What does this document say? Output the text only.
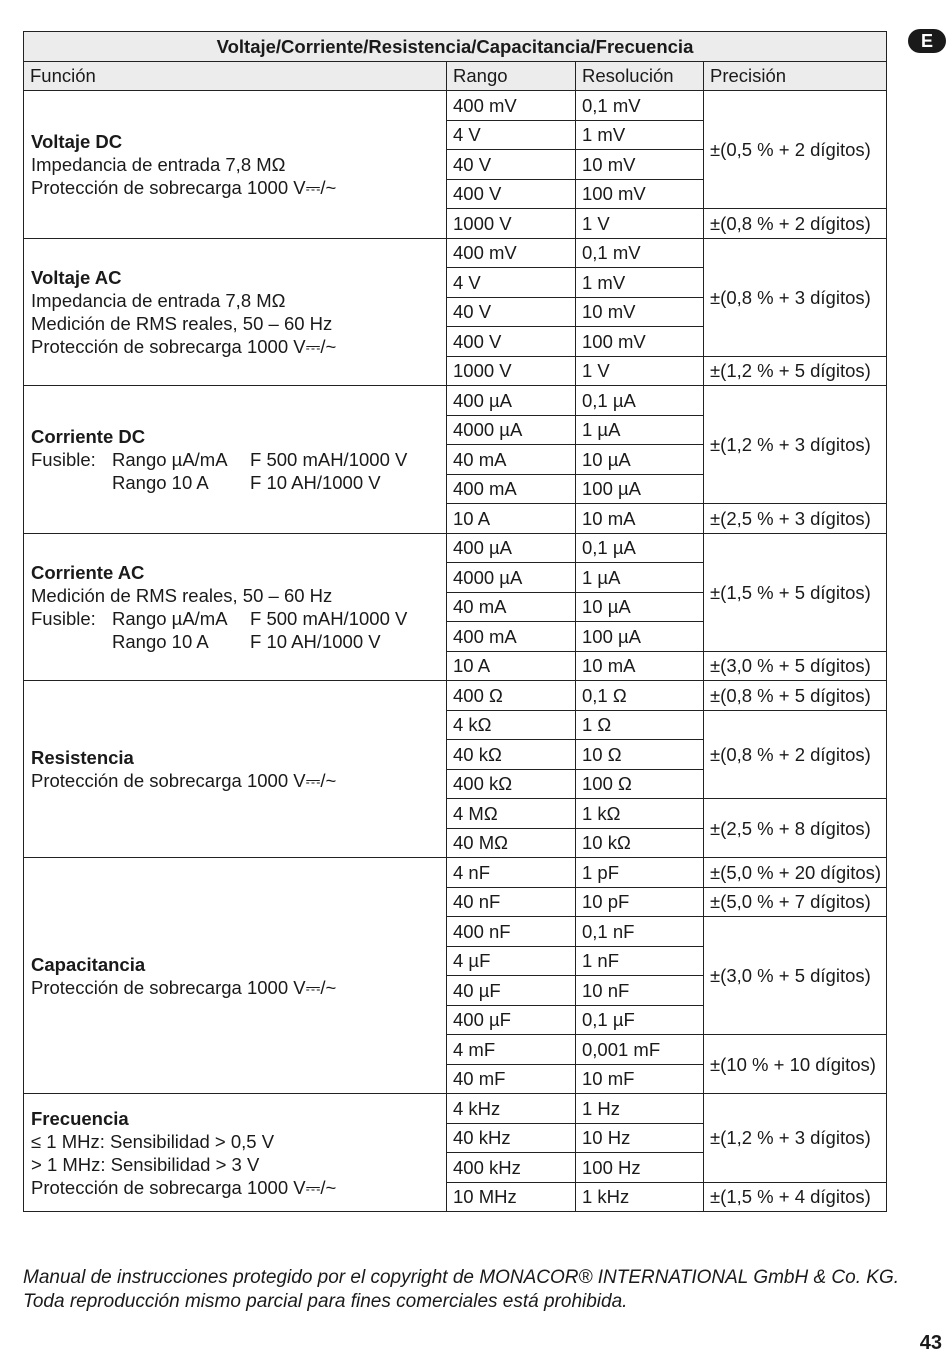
E
Voltaje/Corriente/Resistencia/Capacitancia/Frecuencia			
Función	Rango	Resolución	Precisión

Voltaje DC
Impedancia de entrada 7,8 MΩ
Protección de sobrecarga 1000 V⎓/~	400 mV	0,1 mV	±(0,5 % + 2 dígitos)
	4 V	1 mV	
	40 V	10 mV	
	400 V	100 mV	
	1000 V	1 V	±(0,8 % + 2 dígitos)

Voltaje AC
Impedancia de entrada 7,8 MΩ
Medición de RMS reales, 50 – 60 Hz
Protección de sobrecarga 1000 V⎓/~	400 mV	0,1 mV	±(0,8 % + 3 dígitos)
	4 V	1 mV	
	40 V	10 mV	
	400 V	100 mV	
	1000 V	1 V	±(1,2 % + 5 dígitos)

Corriente DC
Fusible: Rango µA/mA F 500 mAH/1000 V
Rango 10 A F 10 AH/1000 V	400 µA	0,1 µA	±(1,2 % + 3 dígitos)
	4000 µA	1 µA	
	40 mA	10 µA	
	400 mA	100 µA	
	10 A	10 mA	±(2,5 % + 3 dígitos)

Corriente AC
Medición de RMS reales, 50 – 60 Hz
Fusible: Rango µA/mA F 500 mAH/1000 V
Rango 10 A F 10 AH/1000 V	400 µA	0,1 µA	±(1,5 % + 5 dígitos)
	4000 µA	1 µA	
	40 mA	10 µA	
	400 mA	100 µA	
	10 A	10 mA	±(3,0 % + 5 dígitos)

Resistencia
Protección de sobrecarga 1000 V⎓/~	400 Ω	0,1 Ω	±(0,8 % + 5 dígitos)
	4 kΩ	1 Ω	±(0,8 % + 2 dígitos)
	40 kΩ	10 Ω	
	400 kΩ	100 Ω	
	4 MΩ	1 kΩ	±(2,5 % + 8 dígitos)
	40 MΩ	10 kΩ	

Capacitancia
Protección de sobrecarga 1000 V⎓/~	4 nF	1 pF	±(5,0 % + 20 dígitos)
	40 nF	10 pF	±(5,0 % + 7 dígitos)
	400 nF	0,1 nF	±(3,0 % + 5 dígitos)
	4 µF	1 nF	
	40 µF	10 nF	
	400 µF	0,1 µF	
	4 mF	0,001 mF	±(10 % + 10 dígitos)
	40 mF	10 mF	

Frecuencia
≤ 1 MHz: Sensibilidad > 0,5 V
> 1 MHz: Sensibilidad > 3 V
Protección de sobrecarga 1000 V⎓/~	4 kHz	1 Hz	±(1,2 % + 3 dígitos)
	40 kHz	10 Hz	
	400 kHz	100 Hz	
	10 MHz	1 kHz	±(1,5 % + 4 dígitos)
Manual de instrucciones protegido por el copyright de MONACOR® INTERNATIONAL GmbH & Co. KG. Toda reproducción mismo parcial para fines comerciales está prohibida.
43
